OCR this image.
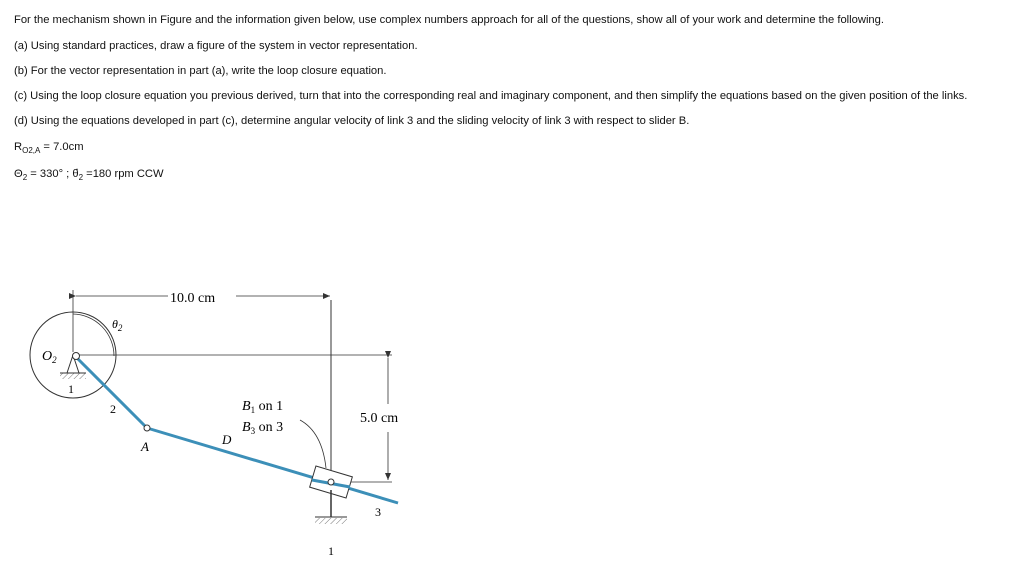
For the mechanism shown in Figure and the information given below, use complex numbers approach for all of the questions, show all of your work and determine the following.
(a) Using standard practices, draw a figure of the system in vector representation.
(b) For the vector representation in part (a), write the loop closure equation.
(c) Using the loop closure equation you previous derived, turn that into the corresponding real and imaginary component, and then simplify the equations based on the given position of the links.
(d) Using the equations developed in part (c), determine angular velocity of link 3 and the sliding velocity of link 3 with respect to slider B.
$R_{O2,A} = 7.0cm$
$\Theta_2 = 330^\circ$ ; . $\theta_2 =180$ rpm CCW
10.0 cm
5.0 cm
$O_2$
$\theta_2$
1
2
A	D
$B_1$ on 1
$B_3$ on 3
3
1
